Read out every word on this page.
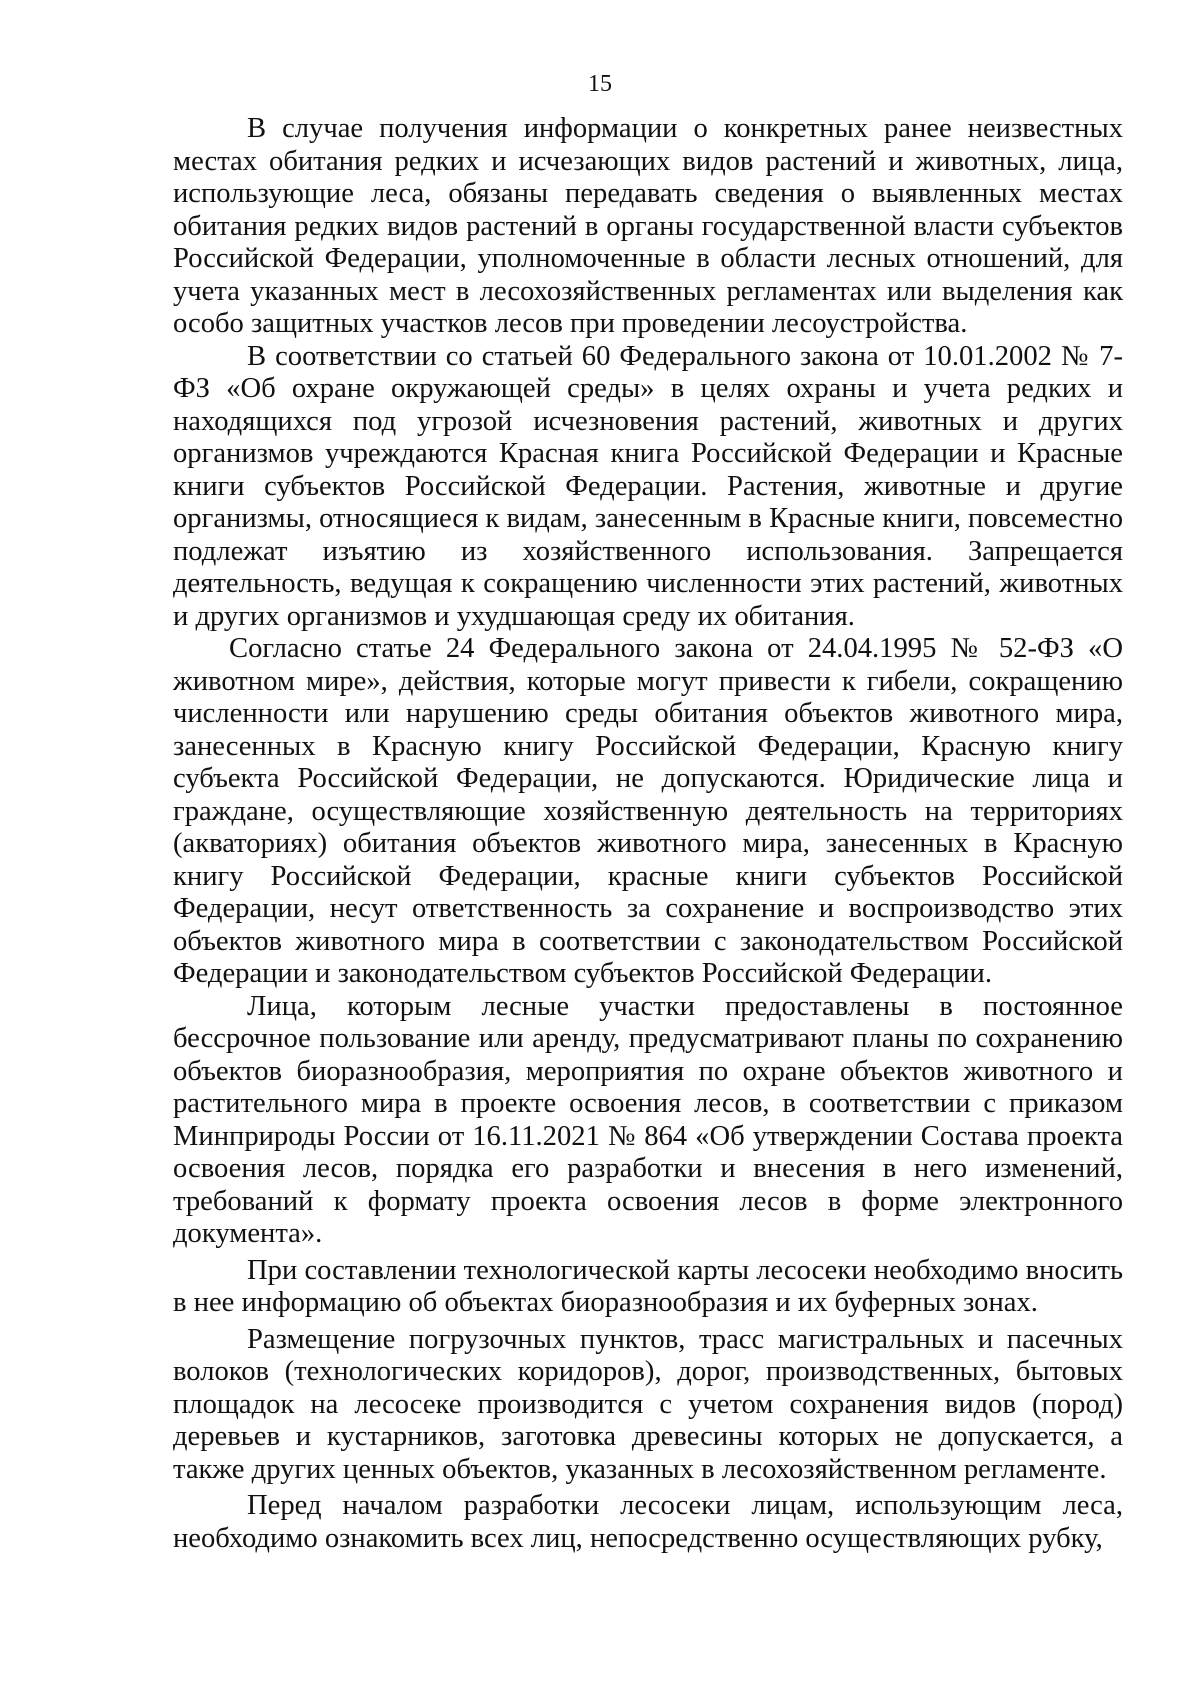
15

В случае получения информации о конкретных ранее неизвестных местах обитания редких и исчезающих видов растений и животных, лица, использующие леса, обязаны передавать сведения о выявленных местах обитания редких видов растений в органы государственной власти субъектов Российской Федерации, уполномоченные в области лесных отношений, для учета указанных мест в лесохозяйственных регламентах или выделения как особо защитных участков лесов при проведении лесоустройства.

В соответствии со статьей 60 Федерального закона от 10.01.2002 № 7-ФЗ «Об охране окружающей среды» в целях охраны и учета редких и находящихся под угрозой исчезновения растений, животных и других организмов учреждаются Красная книга Российской Федерации и Красные книги субъектов Российской Федерации. Растения, животные и другие организмы, относящиеся к видам, занесенным в Красные книги, повсеместно подлежат изъятию из хозяйственного использования. Запрещается деятельность, ведущая к сокращению численности этих растений, животных и других организмов и ухудшающая среду их обитания.

Согласно статье 24 Федерального закона от 24.04.1995 № 52-ФЗ «О животном мире», действия, которые могут привести к гибели, сокращению численности или нарушению среды обитания объектов животного мира, занесенных в Красную книгу Российской Федерации, Красную книгу субъекта Российской Федерации, не допускаются. Юридические лица и граждане, осуществляющие хозяйственную деятельность на территориях (акваториях) обитания объектов животного мира, занесенных в Красную книгу Российской Федерации, красные книги субъектов Российской Федерации, несут ответственность за сохранение и воспроизводство этих объектов животного мира в соответствии с законодательством Российской Федерации и законодательством субъектов Российской Федерации.

Лица, которым лесные участки предоставлены в постоянное бессрочное пользование или аренду, предусматривают планы по сохранению объектов биоразнообразия, мероприятия по охране объектов животного и растительного мира в проекте освоения лесов, в соответствии с приказом Минприроды России от 16.11.2021 № 864 «Об утверждении Состава проекта освоения лесов, порядка его разработки и внесения в него изменений, требований к формату проекта освоения лесов в форме электронного документа».

При составлении технологической карты лесосеки необходимо вносить в нее информацию об объектах биоразнообразия и их буферных зонах.

Размещение погрузочных пунктов, трасс магистральных и пасечных волоков (технологических коридоров), дорог, производственных, бытовых площадок на лесосеке производится с учетом сохранения видов (пород) деревьев и кустарников, заготовка древесины которых не допускается, а также других ценных объектов, указанных в лесохозяйственном регламенте.

Перед началом разработки лесосеки лицам, использующим леса, необходимо ознакомить всех лиц, непосредственно осуществляющих рубку,
